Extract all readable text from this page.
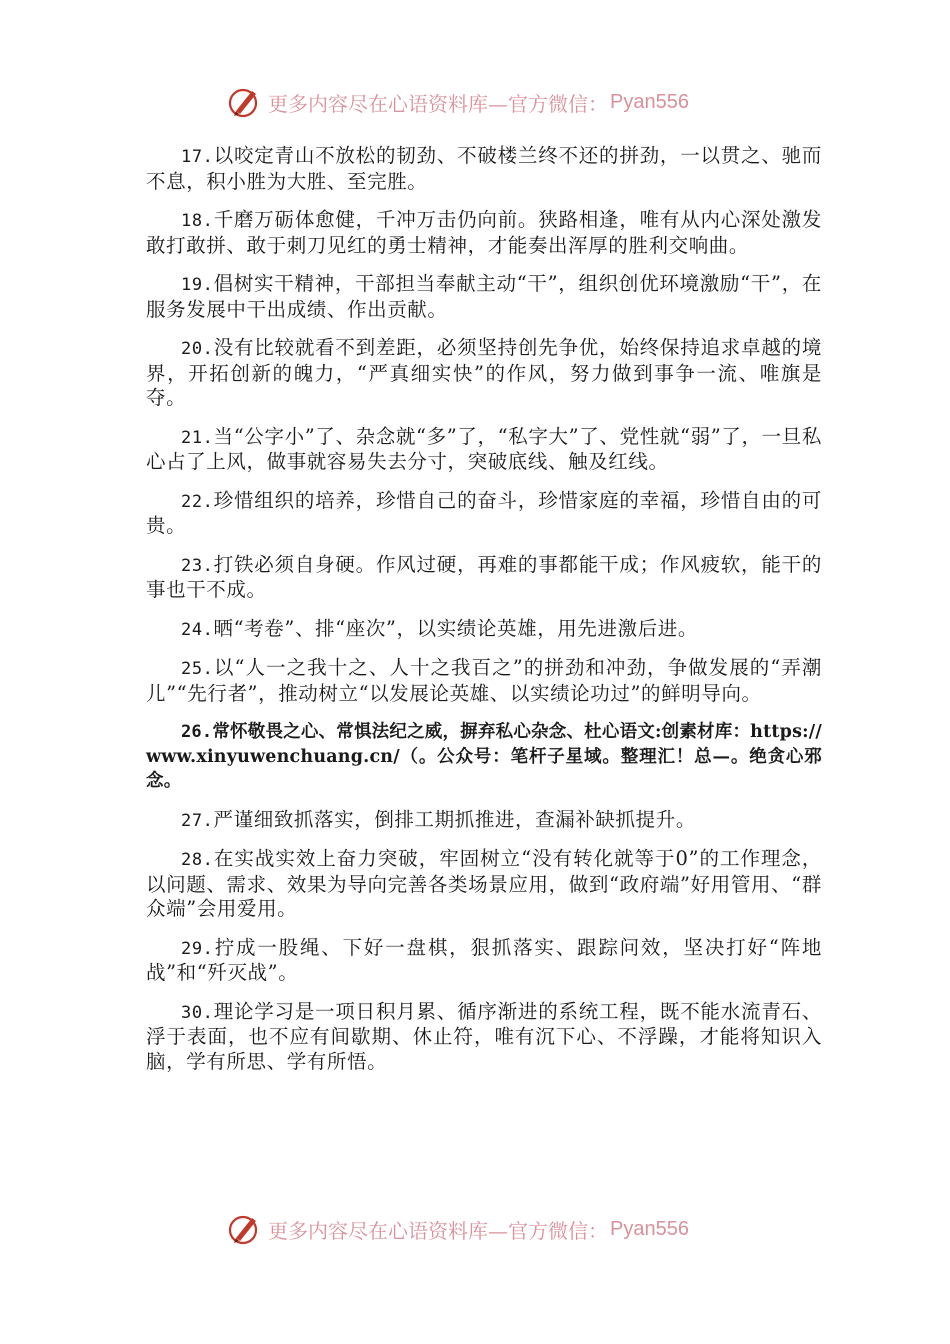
更多内容尽在心语资料库—官方微信： Pyan556

17.以咬定青山不放松的韧劲、不破楼兰终不还的拼劲，一以贯之、驰而不息，积小胜为大胜、至完胜。

18.千磨万砺体愈健，千冲万击仍向前。狭路相逢，唯有从内心深处激发敢打敢拼、敢于刺刀见红的勇士精神，才能奏出浑厚的胜利交响曲。

19.倡树实干精神，干部担当奉献主动“干”，组织创优环境激励“干”，在服务发展中干出成绩、作出贡献。

20.没有比较就看不到差距，必须坚持创先争优，始终保持追求卓越的境界，开拓创新的魄力，“严真细实快”的作风，努力做到事争一流、唯旗是夺。

21.当“公字小”了、杂念就“多”了，“私字大”了、党性就“弱”了，一旦私心占了上风，做事就容易失去分寸，突破底线、触及红线。

22.珍惜组织的培养，珍惜自己的奋斗，珍惜家庭的幸福，珍惜自由的可贵。

23.打铁必须自身硬。作风过硬，再难的事都能干成；作风疲软，能干的事也干不成。

24.晒“考卷”、排“座次”，以实绩论英雄，用先进激后进。

25.以“人一之我十之、人十之我百之”的拼劲和冲劲，争做发展的“弄潮儿”“先行者”，推动树立“以发展论英雄、以实绩论功过”的鲜明导向。

26.常怀敬畏之心、常惧法纪之威，摒弃私心杂念、杜心语文:创素材库：https://www.xinyuwenchuang.cn/（。公众号：笔杆子星域。整理汇！总—。绝贪心邪念。

27.严谨细致抓落实，倒排工期抓推进，查漏补缺抓提升。

28.在实战实效上奋力突破，牢固树立“没有转化就等于0”的工作理念，以问题、需求、效果为导向完善各类场景应用，做到“政府端”好用管用、“群众端”会用爱用。

29.拧成一股绳、下好一盘棋，狠抓落实、跟踪问效，坚决打好“阵地战”和“歼灭战”。

30.理论学习是一项日积月累、循序渐进的系统工程，既不能水流青石、浮于表面，也不应有间歇期、休止符，唯有沉下心、不浮躁，才能将知识入脑，学有所思、学有所悟。

更多内容尽在心语资料库—官方微信： Pyan556
